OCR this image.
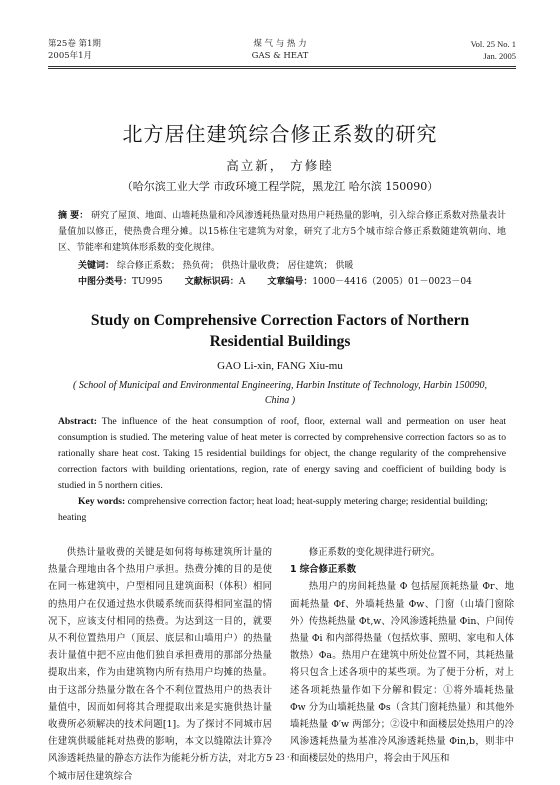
第25卷 第1期
2005年1月
煤 气 与 热 力
GAS & HEAT
Vol. 25 No. 1
Jan. 2005
北方居住建筑综合修正系数的研究
高立新， 方修睦
（哈尔滨工业大学 市政环境工程学院，黑龙江 哈尔滨 150090）
摘 要： 研究了屋顶、地面、山墙耗热量和冷风渗透耗热量对热用户耗热量的影响，引入综合修正系数对热量表计量值加以修正，使热费合理分摊。以15栋住宅建筑为对象，研究了北方5个城市综合修正系数随建筑朝向、地区、节能率和建筑体形系数的变化规律。
关键词： 综合修正系数； 热负荷； 供热计量收费； 居住建筑； 供暖
中图分类号：TU995 文献标识码：A 文章编号：1000－4416（2005）01－0023－04
Study on Comprehensive Correction Factors of Northern Residential Buildings
GAO Li-xin, FANG Xiu-mu
( School of Municipal and Environmental Engineering, Harbin Institute of Technology, Harbin 150090, China )
Abstract: The influence of the heat consumption of roof, floor, external wall and permeation on user heat consumption is studied. The metering value of heat meter is corrected by comprehensive correction factors so as to rationally share heat cost. Taking 15 residential buildings for object, the change regularity of the comprehensive correction factors with building orientations, region, rate of energy saving and coefficient of building body is studied in 5 northern cities.
Key words: comprehensive correction factor; heat load; heat-supply metering charge; residential building; heating

供热计量收费的关键是如何将每栋建筑所计量的热量合理地由各个热用户承担。热费分摊的目的是使在同一栋建筑中，户型相同且建筑面积（体积）相同的热用户在仅通过热水供暖系统而获得相同室温的情况下，应该支付相同的热费。为达到这一目的，就要从不利位置热用户（顶层、底层和山墙用户）的热量表计量值中把不应由他们独自承担费用的那部分热量提取出来，作为由建筑物内所有热用户均摊的热量。由于这部分热量分散在各个不利位置热用户的热表计量值中，因而如何将其合理提取出来是实施供热计量收费所必须解决的技术问题[1]。为了探讨不同城市居住建筑供暖能耗对热费的影响，本文以缝隙法计算冷风渗透耗热量的静态方法作为能耗分析方法，对北方5个城市居住建筑综合

修正系数的变化规律进行研究。

1 综合修正系数

热用户的房间耗热量 Φ 包括屋顶耗热量 Φr、地面耗热量 Φf、外墙耗热量 Φw、门窗（山墙门窗除外）传热耗热量 Φt,w、冷风渗透耗热量 Φin、户间传热量 Φi 和内部得热量（包括炊事、照明、家电和人体散热）Φa。热用户在建筑中所处位置不同，其耗热量将只包含上述各项中的某些项。为了便于分析，对上述各项耗热量作如下分解和假定：①将外墙耗热量 Φw 分为山墙耗热量 Φs（含其门窗耗热量）和其他外墙耗热量 Φ′w 两部分；②设中和面楼层处热用户的冷风渗透耗热量为基准冷风渗透耗热量 Φin,b，则非中和面楼层处的热用户，将会由于风压和

· 23 ·
